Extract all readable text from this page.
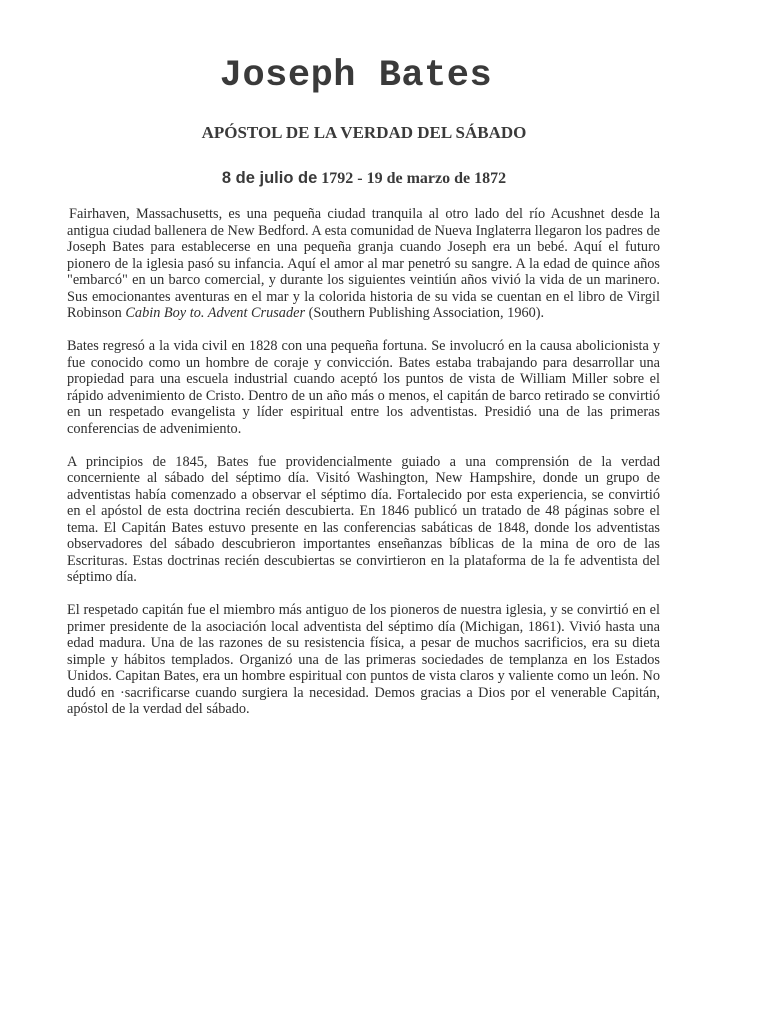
Joseph Bates
APÓSTOL DE LA VERDAD DEL SÁBADO
8 de julio de 1792 - 19 de marzo de 1872

Fairhaven, Massachusetts, es una pequeña ciudad tranquila al otro lado del río Acushnet desde la antigua ciudad ballenera de New Bedford. A esta comunidad de Nueva Inglaterra llegaron los padres de Joseph Bates para establecerse en una pequeña granja cuando Joseph era un bebé. Aquí el futuro pionero de la iglesia pasó su infancia. Aquí el amor al mar penetró su sangre. A la edad de quince años "embarcó" en un barco comercial, y durante los siguientes veintiún años vivió la vida de un marinero. Sus emocionantes aventuras en el mar y la colorida historia de su vida se cuentan en el libro de Virgil Robinson Cabin Boy to. Advent Crusader (Southern Publishing Association, 1960).

Bates regresó a la vida civil en 1828 con una pequeña fortuna. Se involucró en la causa abolicionista y fue conocido como un hombre de coraje y convicción. Bates estaba trabajando para desarrollar una propiedad para una escuela industrial cuando aceptó los puntos de vista de William Miller sobre el rápido advenimiento de Cristo. Dentro de un año más o menos, el capitán de barco retirado se convirtió en un respetado evangelista y líder espiritual entre los adventistas. Presidió una de las primeras conferencias de advenimiento.

A principios de 1845, Bates fue providencialmente guiado a una comprensión de la verdad concerniente al sábado del séptimo día. Visitó Washington, New Hampshire, donde un grupo de adventistas había comenzado a observar el séptimo día. Fortalecido por esta experiencia, se convirtió en el apóstol de esta doctrina recién descubierta. En 1846 publicó un tratado de 48 páginas sobre el tema. El Capitán Bates estuvo presente en las conferencias sabáticas de 1848, donde los adventistas observadores del sábado descubrieron importantes enseñanzas bíblicas de la mina de oro de las Escrituras. Estas doctrinas recién descubiertas se convirtieron en la plataforma de la fe adventista del séptimo día.

El respetado capitán fue el miembro más antiguo de los pioneros de nuestra iglesia, y se convirtió en el primer presidente de la asociación local adventista del séptimo día (Michigan, 1861). Vivió hasta una edad madura. Una de las razones de su resistencia física, a pesar de muchos sacrificios, era su dieta simple y hábitos templados. Organizó una de las primeras sociedades de templanza en los Estados Unidos. Capitan Bates, era un hombre espiritual con puntos de vista claros y valiente como un león. No dudó en ·sacrificarse cuando surgiera la necesidad. Demos gracias a Dios por el venerable Capitán, apóstol de la verdad del sábado.
